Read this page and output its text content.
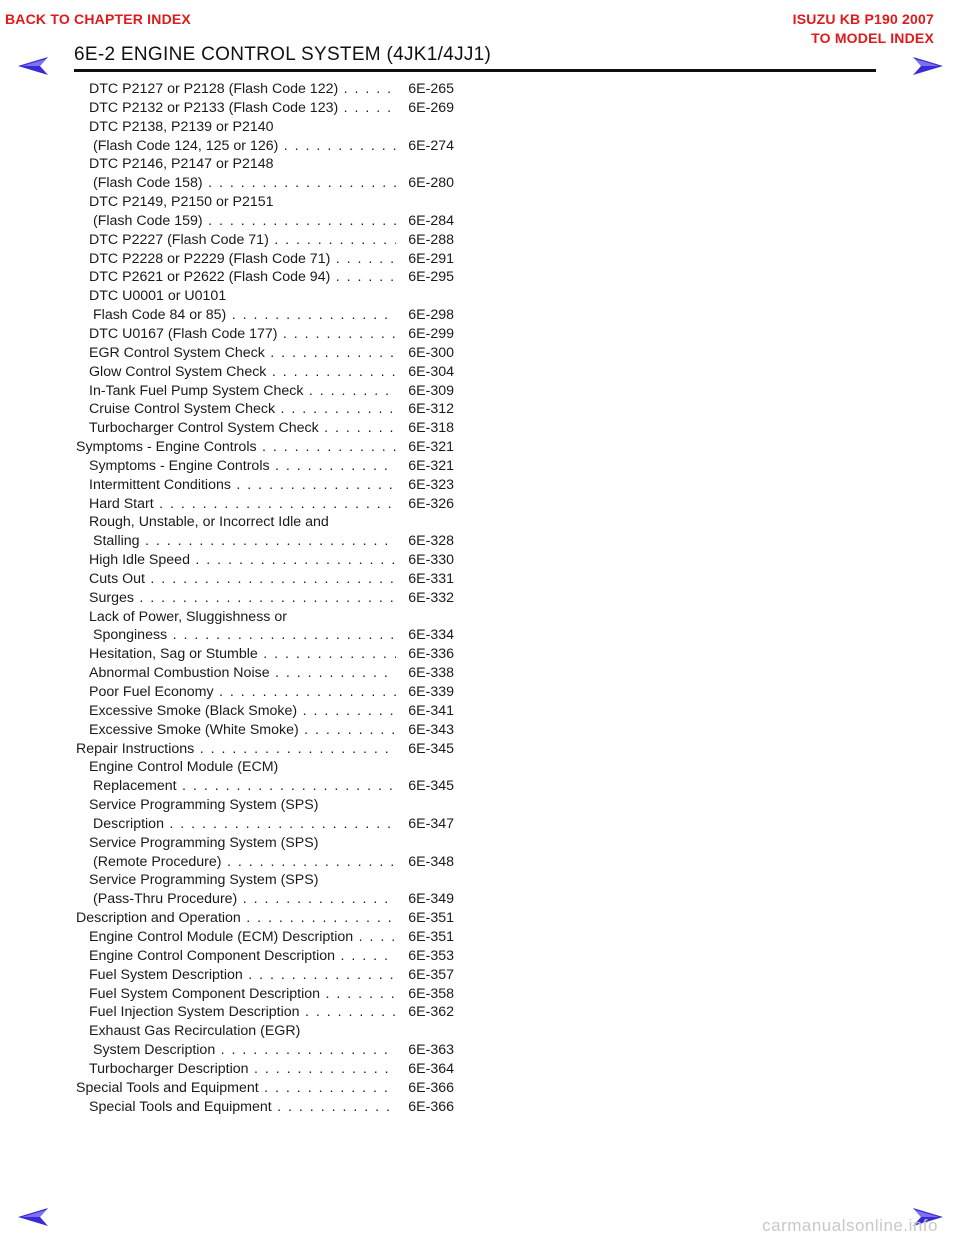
BACK TO CHAPTER INDEX	ISUZU KB P190 2007
TO MODEL INDEX
6E-2 ENGINE CONTROL SYSTEM (4JK1/4JJ1)
DTC P2127 or P2128 (Flash Code 122) . . .	6E-265
DTC P2132 or P2133 (Flash Code 123) . . .	6E-269
DTC P2138, P2139 or P2140
(Flash Code 124, 125 or 126) . . .	6E-274
DTC P2146, P2147 or P2148
(Flash Code 158) . . .	6E-280
DTC P2149, P2150 or P2151
(Flash Code 159) . . .	6E-284
DTC P2227 (Flash Code 71) . . .	6E-288
DTC P2228 or P2229 (Flash Code 71) . . .	6E-291
DTC P2621 or P2622 (Flash Code 94) . . .	6E-295
DTC U0001 or U0101
Flash Code 84 or 85) . . .	6E-298
DTC U0167 (Flash Code 177) . . .	6E-299
EGR Control System Check . . .	6E-300
Glow Control System Check . . .	6E-304
In-Tank Fuel Pump System Check . . .	6E-309
Cruise Control System Check . . .	6E-312
Turbocharger Control System Check . . .	6E-318
Symptoms - Engine Controls . . .	6E-321
Symptoms - Engine Controls . . .	6E-321
Intermittent Conditions . . .	6E-323
Hard Start . . .	6E-326
Rough, Unstable, or Incorrect Idle and
Stalling . . .	6E-328
High Idle Speed . . .	6E-330
Cuts Out . . .	6E-331
Surges . . .	6E-332
Lack of Power, Sluggishness or
Sponginess . . .	6E-334
Hesitation, Sag or Stumble . . .	6E-336
Abnormal Combustion Noise . . .	6E-338
Poor Fuel Economy . . .	6E-339
Excessive Smoke (Black Smoke) . . .	6E-341
Excessive Smoke (White Smoke) . . .	6E-343
Repair Instructions . . .	6E-345
Engine Control Module (ECM)
Replacement . . .	6E-345
Service Programming System (SPS)
Description . . .	6E-347
Service Programming System (SPS)
(Remote Procedure) . . .	6E-348
Service Programming System (SPS)
(Pass-Thru Procedure) . . .	6E-349
Description and Operation . . .	6E-351
Engine Control Module (ECM) Description . . .	6E-351
Engine Control Component Description . . .	6E-353
Fuel System Description . . .	6E-357
Fuel System Component Description . . .	6E-358
Fuel Injection System Description . . .	6E-362
Exhaust Gas Recirculation (EGR)
System Description . . .	6E-363
Turbocharger Description . . .	6E-364
Special Tools and Equipment . . .	6E-366
Special Tools and Equipment . . .	6E-366
carmanualsonline.info
